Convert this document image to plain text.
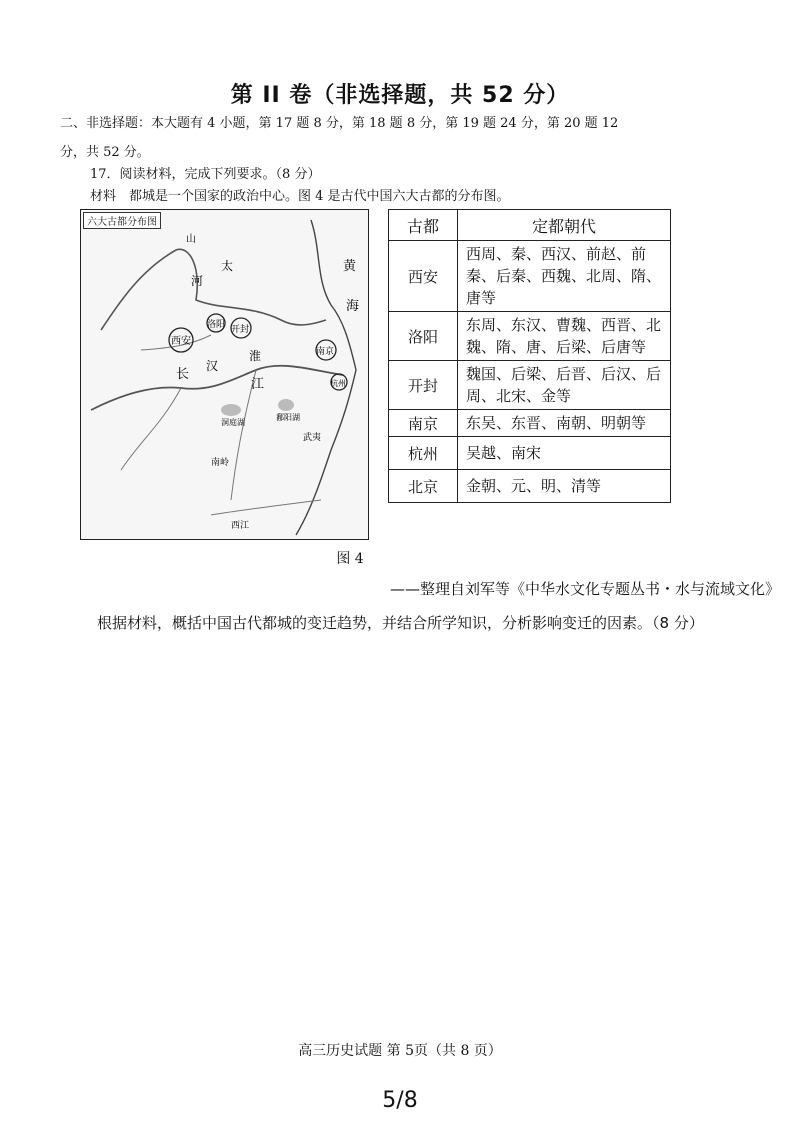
第 II 卷（非选择题，共 52 分）
二、非选择题：本大题有 4 小题，第 17 题 8 分，第 18 题 8 分，第 19 题 24 分，第 20 题 12
分，共 52 分。
17．阅读材料，完成下列要求。（8 分）
材料　都城是一个国家的政治中心。图 4 是古代中国六大古都的分布图。
六大古都分布图
西安
洛阳 开封
南京
杭州
黄
海
长
江
汉
淮
河
山
太
南岭
洞庭湖
鄱阳湖
西江
武夷
古都	定都朝代
西安	西周、秦、西汉、前赵、前秦、后秦、西魏、北周、隋、唐等
洛阳	东周、东汉、曹魏、西晋、北魏、隋、唐、后梁、后唐等
开封	魏国、后梁、后晋、后汉、后周、北宋、金等
南京	东吴、东晋、南朝、明朝等
杭州	吴越、南宋
北京	金朝、元、明、清等
图 4
——整理自刘军等《中华水文化专题丛书・水与流域文化》
根据材料，概括中国古代都城的变迁趋势，并结合所学知识，分析影响变迁的因素。（8 分）
高三历史试题 第 5页（共 8 页）
5/8
